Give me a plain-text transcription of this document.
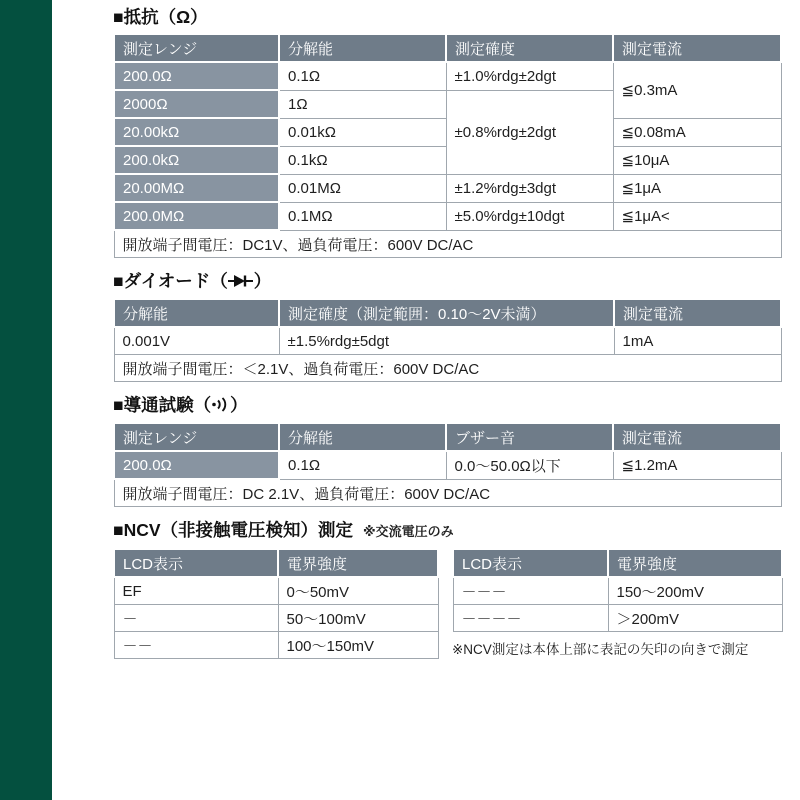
■抵抗（Ω）
測定レンジ	分解能	測定確度	測定電流
200.0Ω	0.1Ω	±1.0%rdg±2dgt	≦0.3mA
2000Ω	1Ω	±0.8%rdg±2dgt	
20.00kΩ	0.01kΩ		≦0.08mA
200.0kΩ	0.1kΩ		≦10μA
20.00MΩ	0.01MΩ	±1.2%rdg±3dgt	≦1μA
200.0MΩ	0.1MΩ	±5.0%rdg±10dgt	≦1μA<
開放端子間電圧：DC1V、過負荷電圧：600V DC/AC			
■ダイオード（ ）
分解能	測定確度（測定範囲：0.10～2V未満）	測定電流
0.001V	±1.5%rdg±5dgt	1mA
開放端子間電圧：＜2.1V、過負荷電圧：600V DC/AC		
■導通試験（ ）
測定レンジ	分解能	ブザー音	測定電流
200.0Ω	0.1Ω	0.0～50.0Ω以下	≦1.2mA
開放端子間電圧：DC 2.1V、過負荷電圧：600V DC/AC			
■NCV（非接触電圧検知）測定 ※交流電圧のみ
LCD表示	電界強度
EF	0～50mV
－	50～100mV
－－	100～150mV
LCD表示	電界強度
－－－	150～200mV
－－－－	＞200mV
※NCV測定は本体上部に表記の矢印の向きで測定
